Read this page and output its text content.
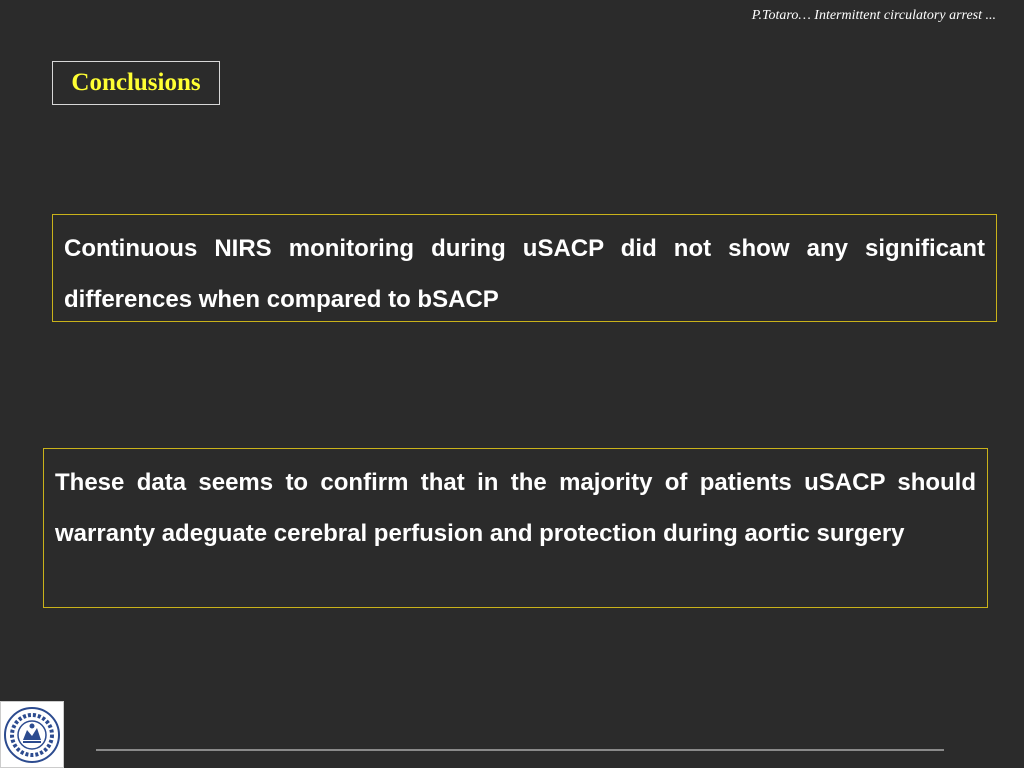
P.Totaro… Intermittent circulatory arrest ...
Conclusions
Continuous NIRS monitoring during uSACP did not show any significant differences when compared to bSACP
These data seems to confirm that in the majority of patients uSACP should warranty adeguate cerebral perfusion and protection during aortic surgery
